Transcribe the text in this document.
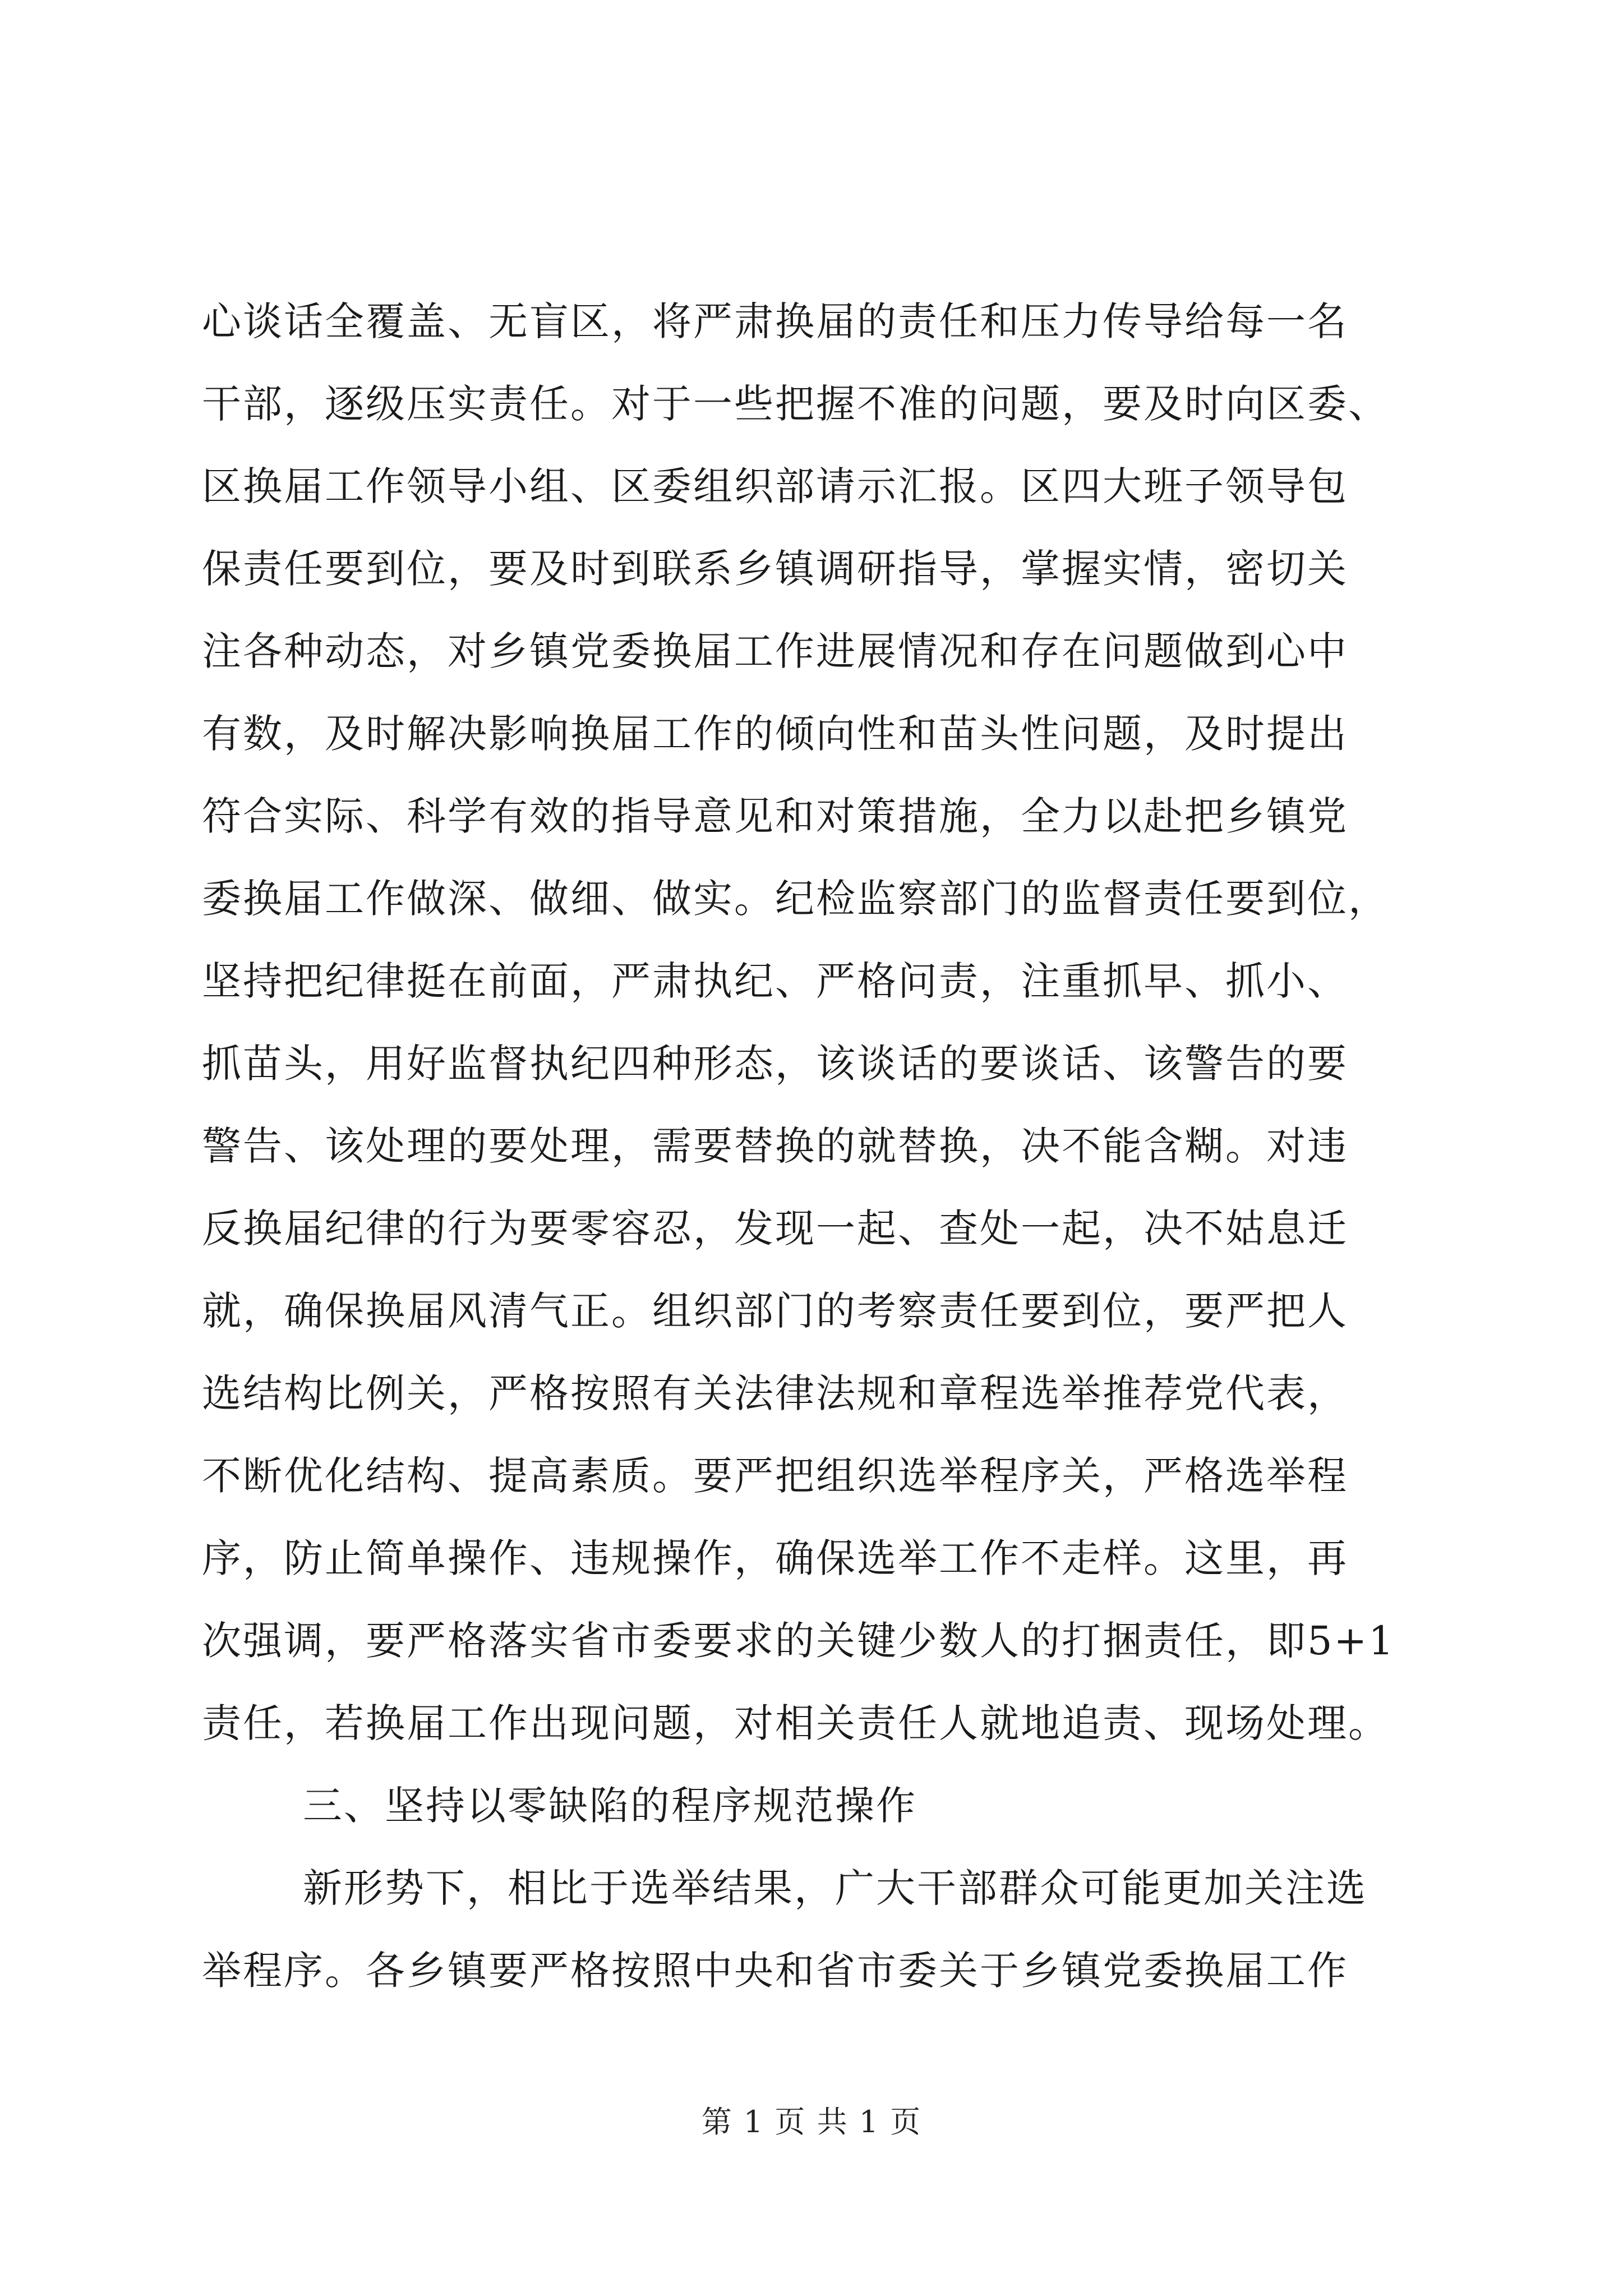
心谈话全覆盖、无盲区，将严肃换届的责任和压力传导给每一名
干部，逐级压实责任。对于一些把握不准的问题，要及时向区委、
区换届工作领导小组、区委组织部请示汇报。区四大班子领导包
保责任要到位，要及时到联系乡镇调研指导，掌握实情，密切关
注各种动态，对乡镇党委换届工作进展情况和存在问题做到心中
有数，及时解决影响换届工作的倾向性和苗头性问题，及时提出
符合实际、科学有效的指导意见和对策措施，全力以赴把乡镇党
委换届工作做深、做细、做实。纪检监察部门的监督责任要到位，
坚持把纪律挺在前面，严肃执纪、严格问责，注重抓早、抓小、
抓苗头，用好监督执纪四种形态，该谈话的要谈话、该警告的要
警告、该处理的要处理，需要替换的就替换，决不能含糊。对违
反换届纪律的行为要零容忍，发现一起、查处一起，决不姑息迁
就，确保换届风清气正。组织部门的考察责任要到位，要严把人
选结构比例关，严格按照有关法律法规和章程选举推荐党代表，
不断优化结构、提高素质。要严把组织选举程序关，严格选举程
序，防止简单操作、违规操作，确保选举工作不走样。这里，再
次强调，要严格落实省市委要求的关键少数人的打捆责任，即5+1
责任，若换届工作出现问题，对相关责任人就地追责、现场处理。
三、坚持以零缺陷的程序规范操作
新形势下，相比于选举结果，广大干部群众可能更加关注选
举程序。各乡镇要严格按照中央和省市委关于乡镇党委换届工作
第 1 页 共 1 页
